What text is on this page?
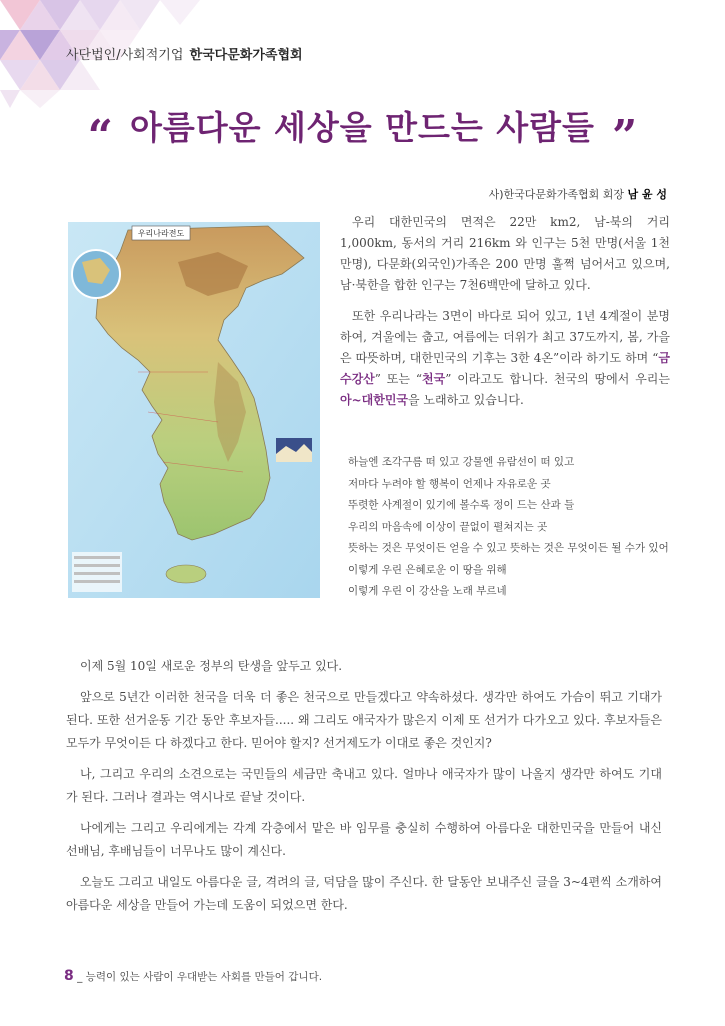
사단법인/사회적기업 한국다문화가족협회
“ 아름다운 세상을 만드는 사람들 ”
사)한국다문화가족협회 회장 남 윤 성
우리나라전도

우리 대한민국의 면적은 22만 km2, 남-북의 거리 1,000km, 동서의 거리 216km 와 인구는 5천 만명(서울 1천만명), 다문화(외국인)가족은 200 만명 훌쩍 넘어서고 있으며, 남·북한을 합한 인구는 7천6백만에 달하고 있다.

또한 우리나라는 3면이 바다로 되어 있고, 1년 4계절이 분명하여, 겨울에는 춥고, 여름에는 더위가 최고 37도까지, 봄, 가을은 따뜻하며, 대한민국의 기후는 3한 4온”이라 하기도 하며 “금수강산” 또는 “천국” 이라고도 합니다. 천국의 땅에서 우리는 아~대한민국을 노래하고 있습니다.

하늘엔 조각구름 떠 있고 강물엔 유람선이 떠 있고
저마다 누려야 할 행복이 언제나 자유로운 곳
뚜렷한 사계절이 있기에 볼수록 정이 드는 산과 들
우리의 마음속에 이상이 끝없이 펼쳐지는 곳
뜻하는 것은 무엇이든 얻을 수 있고 뜻하는 것은 무엇이든 될 수가 있어
이렇게 우린 은혜로운 이 땅을 위해
이렇게 우린 이 강산을 노래 부르네

이제 5월 10일 새로운 정부의 탄생을 앞두고 있다.

앞으로 5년간 이러한 천국을 더욱 더 좋은 천국으로 만들겠다고 약속하셨다. 생각만 하여도 가슴이 뛰고 기대가 된다. 또한 선거운동 기간 동안 후보자들..... 왜 그리도 애국자가 많은지 이제 또 선거가 다가오고 있다. 후보자들은 모두가 무엇이든 다 하겠다고 한다. 믿어야 할지? 선거제도가 이대로 좋은 것인지?

나, 그리고 우리의 소견으로는 국민들의 세금만 축내고 있다. 얼마나 애국자가 많이 나올지 생각만 하여도 기대가 된다. 그러나 결과는 역시나로 끝날 것이다.

나에게는 그리고 우리에게는 각계 각층에서 맡은 바 임무를 충실히 수행하여 아름다운 대한민국을 만들어 내신 선배님, 후배님들이 너무나도 많이 계신다.

오늘도 그리고 내일도 아름다운 글, 격려의 글, 덕담을 많이 주신다. 한 달동안 보내주신 글을 3~4편씩 소개하여 아름다운 세상을 만들어 가는데 도움이 되었으면 한다.

8 _ 능력이 있는 사람이 우대받는 사회를 만들어 갑니다.
